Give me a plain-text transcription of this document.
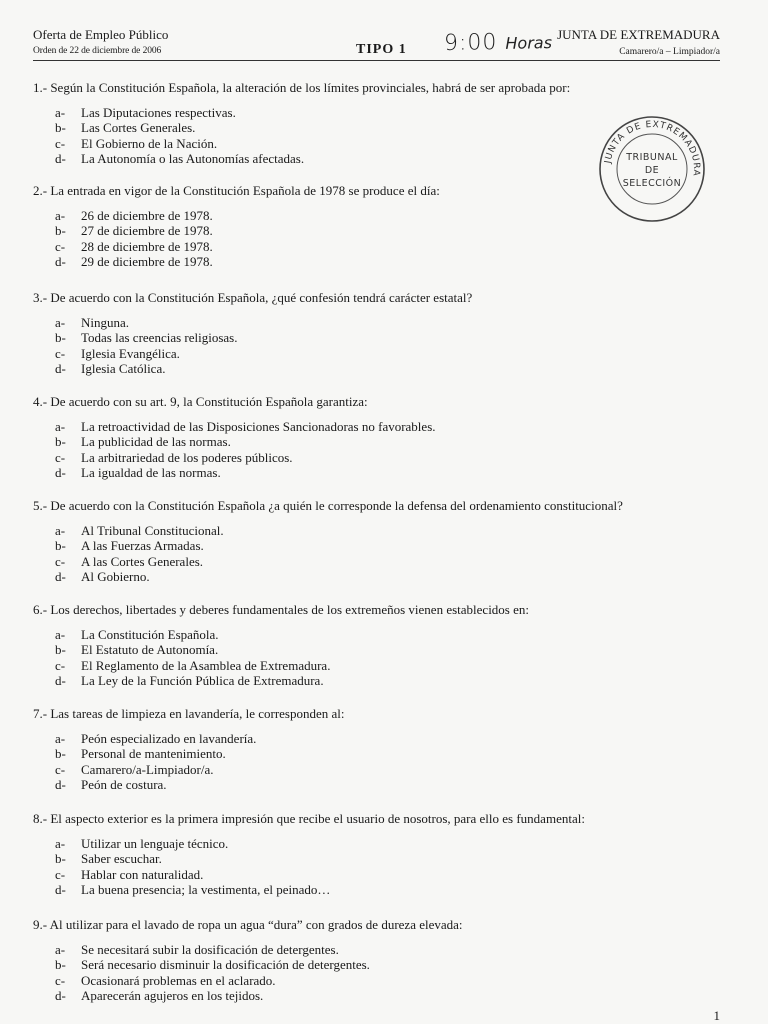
Oferta de Empleo Público
Orden de 22 de diciembre de 2006	TIPO 1 9:00 Horas JUNTA DE EXTREMADURA
Camarero/a – Limpiador/a
JUNTA DE EXTREMADURA
TRIBUNAL
DE
SELECCIÓN
1.- Según la Constitución Española, la alteración de los límites provinciales, habrá de ser aprobada por:
a- Las Diputaciones respectivas.
b- Las Cortes Generales.
c- El Gobierno de la Nación.
d- La Autonomía o las Autonomías afectadas.
2.- La entrada en vigor de la Constitución Española de 1978 se produce el día:
a- 26 de diciembre de 1978.
b- 27 de diciembre de 1978.
c- 28 de diciembre de 1978.
d- 29 de diciembre de 1978.
3.- De acuerdo con la Constitución Española, ¿qué confesión tendrá carácter estatal?
a- Ninguna.
b- Todas las creencias religiosas.
c- Iglesia Evangélica.
d- Iglesia Católica.
4.- De acuerdo con su art. 9, la Constitución Española garantiza:
a- La retroactividad de las Disposiciones Sancionadoras no favorables.
b- La publicidad de las normas.
c- La arbitrariedad de los poderes públicos.
d- La igualdad de las normas.
5.- De acuerdo con la Constitución Española ¿a quién le corresponde la defensa del ordenamiento constitucional?
a- Al Tribunal Constitucional.
b- A las Fuerzas Armadas.
c- A las Cortes Generales.
d- Al Gobierno.
6.- Los derechos, libertades y deberes fundamentales de los extremeños vienen establecidos en:
a- La Constitución Española.
b- El Estatuto de Autonomía.
c- El Reglamento de la Asamblea de Extremadura.
d- La Ley de la Función Pública de Extremadura.
7.- Las tareas de limpieza en lavandería, le corresponden al:
a- Peón especializado en lavandería.
b- Personal de mantenimiento.
c- Camarero/a-Limpiador/a.
d- Peón de costura.
8.- El aspecto exterior es la primera impresión que recibe el usuario de nosotros, para ello es fundamental:
a- Utilizar un lenguaje técnico.
b- Saber escuchar.
c- Hablar con naturalidad.
d- La buena presencia; la vestimenta, el peinado…
9.- Al utilizar para el lavado de ropa un agua “dura” con grados de dureza elevada:
a- Se necesitará subir la dosificación de detergentes.
b- Será necesario disminuir la dosificación de detergentes.
c- Ocasionará problemas en el aclarado.
d- Aparecerán agujeros en los tejidos.
1
